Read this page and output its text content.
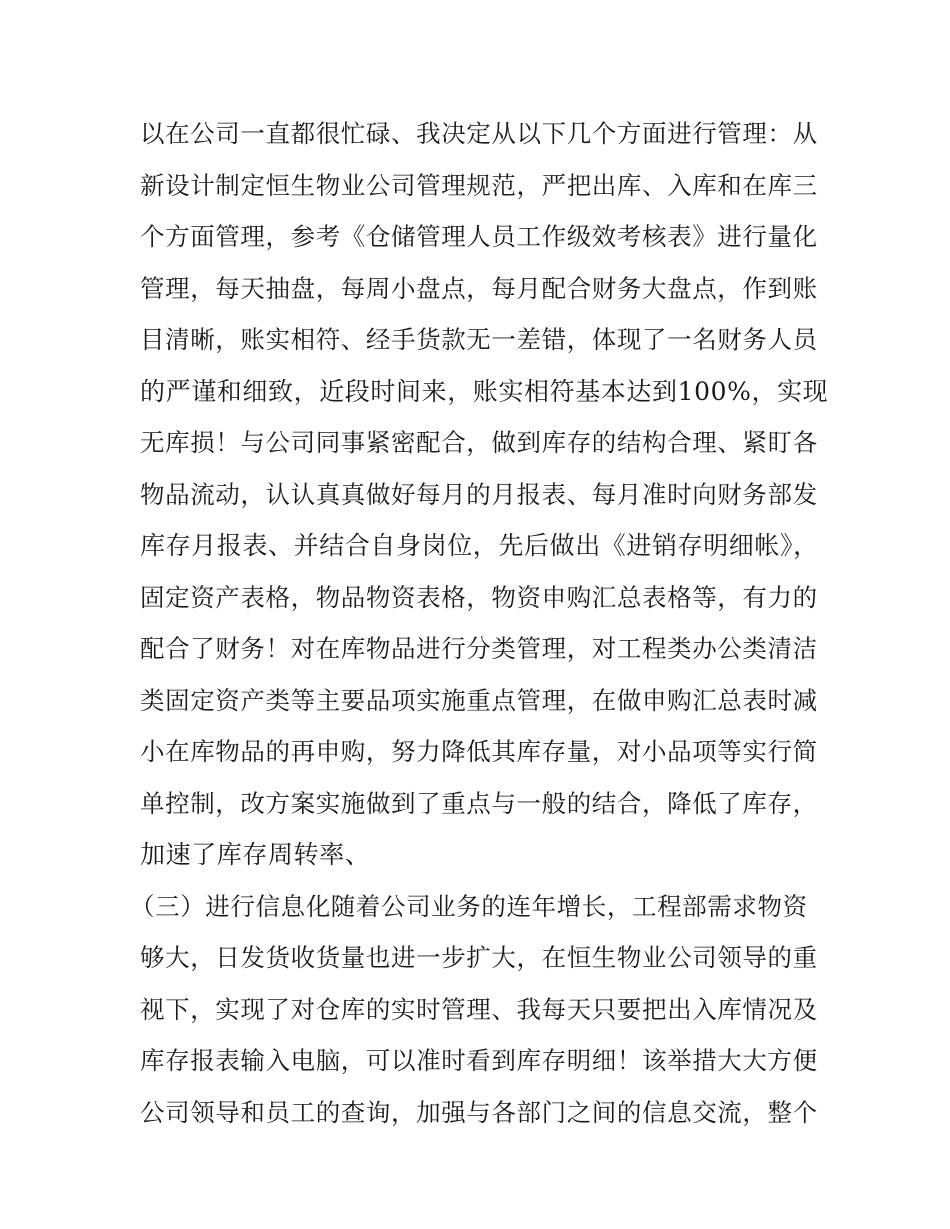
以在公司一直都很忙碌、我决定从以下几个方面进行管理：从
新设计制定恒生物业公司管理规范，严把出库、入库和在库三
个方面管理，参考《仓储管理人员工作级效考核表》进行量化
管理，每天抽盘，每周小盘点，每月配合财务大盘点，作到账
目清晰，账实相符、经手货款无一差错，体现了一名财务人员
的严谨和细致，近段时间来，账实相符基本达到100%，实现
无库损！与公司同事紧密配合，做到库存的结构合理、紧盯各
物品流动，认认真真做好每月的月报表、每月准时向财务部发
库存月报表、并结合自身岗位，先后做出《进销存明细帐》，
固定资产表格，物品物资表格，物资申购汇总表格等，有力的
配合了财务！对在库物品进行分类管理，对工程类办公类清洁
类固定资产类等主要品项实施重点管理，在做申购汇总表时减
小在库物品的再申购，努力降低其库存量，对小品项等实行简
单控制，改方案实施做到了重点与一般的结合，降低了库存，
加速了库存周转率、
（三）进行信息化随着公司业务的连年增长，工程部需求物资
够大，日发货收货量也进一步扩大，在恒生物业公司领导的重
视下，实现了对仓库的实时管理、我每天只要把出入库情况及
库存报表输入电脑，可以准时看到库存明细！该举措大大方便
公司领导和员工的查询，加强与各部门之间的信息交流，整个
